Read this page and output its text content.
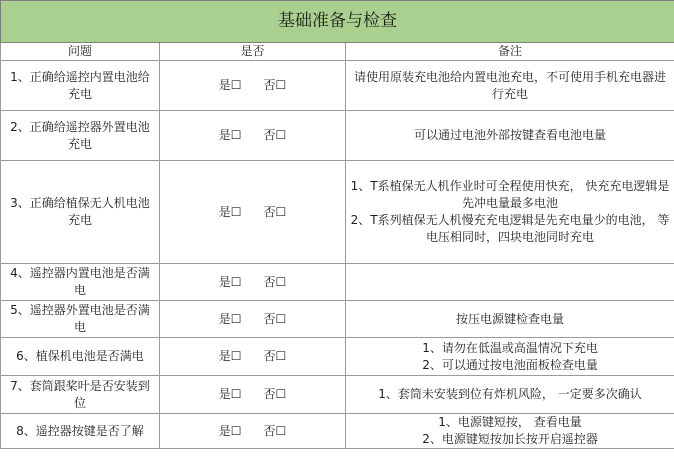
基础准备与检查		
问题	是否	备注
1、正确给遥控内置电池给充电	是☐ 否☐	请使用原装充电池给内置电池充电，不可使用手机充电器进行充电

2、正确给遥控器外置电池充电	是☐ 否☐	可以通过电池外部按键查看电池电量

3、正确给植保无人机电池充电	是☐ 否☐	1、T系植保无人机作业时可全程使用快充， 快充充电逻辑是先冲电量最多电池
2、T系列植保无人机慢充充电逻辑是先充电量少的电池， 等电压相同时，四块电池同时充电

4、遥控器内置电池是否满电	是☐ 否☐	
5、遥控器外置电池是否满电	是☐ 否☐	按压电源键检查电量

6、植保机电池是否满电	是☐ 否☐	1、请勿在低温或高温情况下充电
2、可以通过按电池面板检查电量

7、套筒跟桨叶是否安装到位	是☐ 否☐	1、套筒未安装到位有炸机风险， 一定要多次确认

8、遥控器按键是否了解	是☐ 否☐	1、电源键短按， 查看电量
2、电源键短按加长按开启遥控器
